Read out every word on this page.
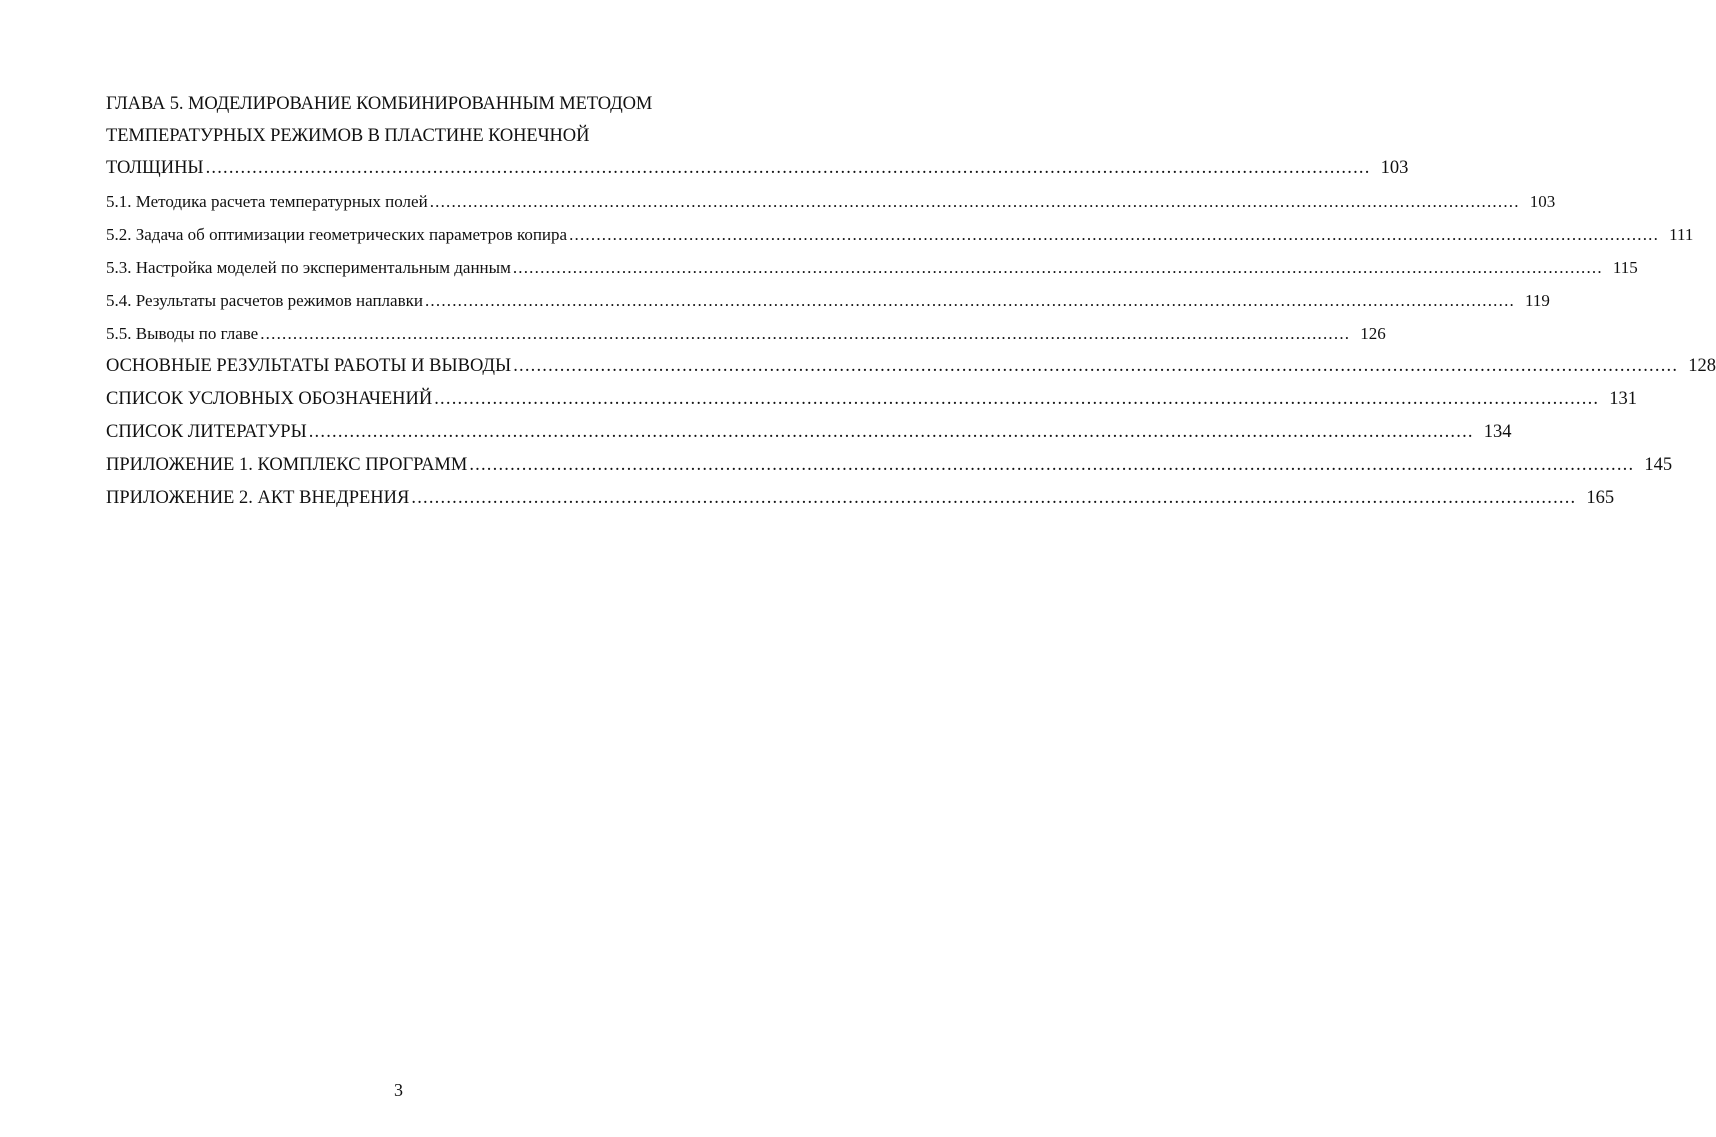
ГЛАВА 5. МОДЕЛИРОВАНИЕ КОМБИНИРОВАННЫМ МЕТОДОМ
ТЕМПЕРАТУРНЫХ РЕЖИМОВ В ПЛАСТИНЕ КОНЕЧНОЙ
ТОЛЩИНЫ ........................................................................................................................................................................................................ 103
5.1. Методика расчета температурных полей ........................................................................................................................................................................................................ 103
5.2. Задача об оптимизации геометрических параметров копира ........................................................................................................................................................................................................ 111
5.3. Настройка моделей по экспериментальным данным ........................................................................................................................................................................................................ 115
5.4. Результаты расчетов режимов наплавки ........................................................................................................................................................................................................ 119
5.5. Выводы по главе ........................................................................................................................................................................................................ 126
ОСНОВНЫЕ РЕЗУЛЬТАТЫ РАБОТЫ И ВЫВОДЫ ........................................................................................................................................................................................................ 128
СПИСОК УСЛОВНЫХ ОБОЗНАЧЕНИЙ ........................................................................................................................................................................................................ 131
СПИСОК ЛИТЕРАТУРЫ ........................................................................................................................................................................................................ 134
ПРИЛОЖЕНИЕ 1. КОМПЛЕКС ПРОГРАММ ........................................................................................................................................................................................................ 145
ПРИЛОЖЕНИЕ 2. АКТ ВНЕДРЕНИЯ ........................................................................................................................................................................................................ 165
3
